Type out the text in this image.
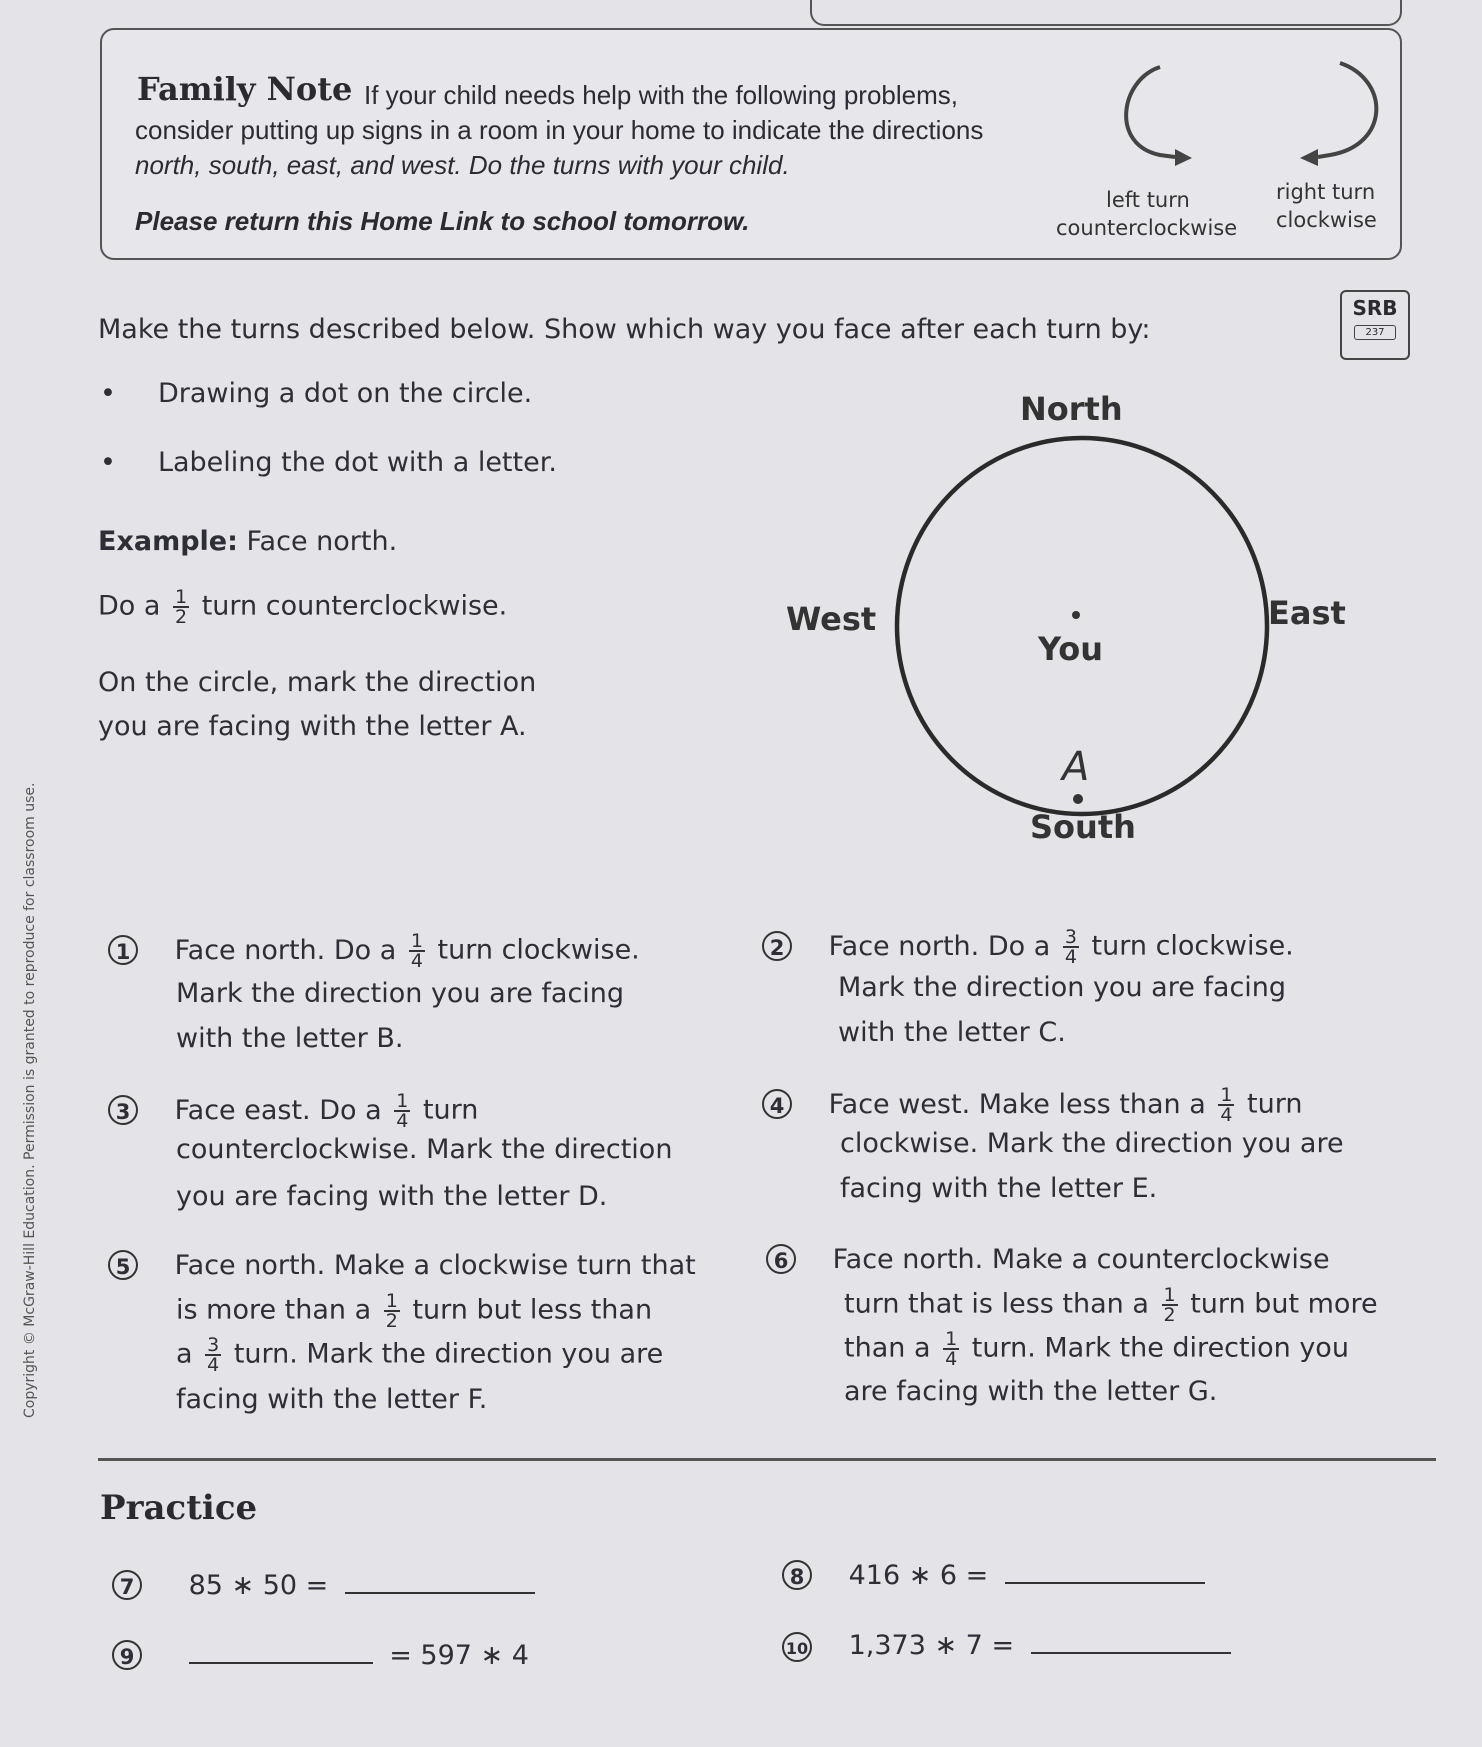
Family Note If your child needs help with the following problems,
consider putting up signs in a room in your home to indicate the directions
north, south, east, and west. Do the turns with your child.
Please return this Home Link to school tomorrow.
left turn
counterclockwise
right turn
clockwise
SRB
237
Make the turns described below. Show which way you face after each turn by:
• Drawing a dot on the circle.
• Labeling the dot with a letter.
Example: Face north.
Do a $\frac{1}{2}$ turn counterclockwise.
On the circle, mark the direction
you are facing with the letter A.
North
South
East
West
You
A
1 Face north. Do a $\frac{1}{4}$ turn clockwise.
Mark the direction you are facing
with the letter B.
2 Face north. Do a $\frac{3}{4}$ turn clockwise.
Mark the direction you are facing
with the letter C.
3 Face east. Do a $\frac{1}{4}$ turn
counterclockwise. Mark the direction
you are facing with the letter D.
4 Face west. Make less than a $\frac{1}{4}$ turn
clockwise. Mark the direction you are
facing with the letter E.
5 Face north. Make a clockwise turn that
is more than a $\frac{1}{2}$ turn but less than
a $\frac{3}{4}$ turn. Mark the direction you are
facing with the letter F.
6 Face north. Make a counterclockwise
turn that is less than a $\frac{1}{2}$ turn but more
than a $\frac{1}{4}$ turn. Mark the direction you
are facing with the letter G.
Practice
7 85 ∗ 50 =	8 416 ∗ 6 =
9	= 597 ∗ 4	10 1,373 ∗ 7 =
Copyright © McGraw-Hill Education. Permission is granted to reproduce for classroom use.
